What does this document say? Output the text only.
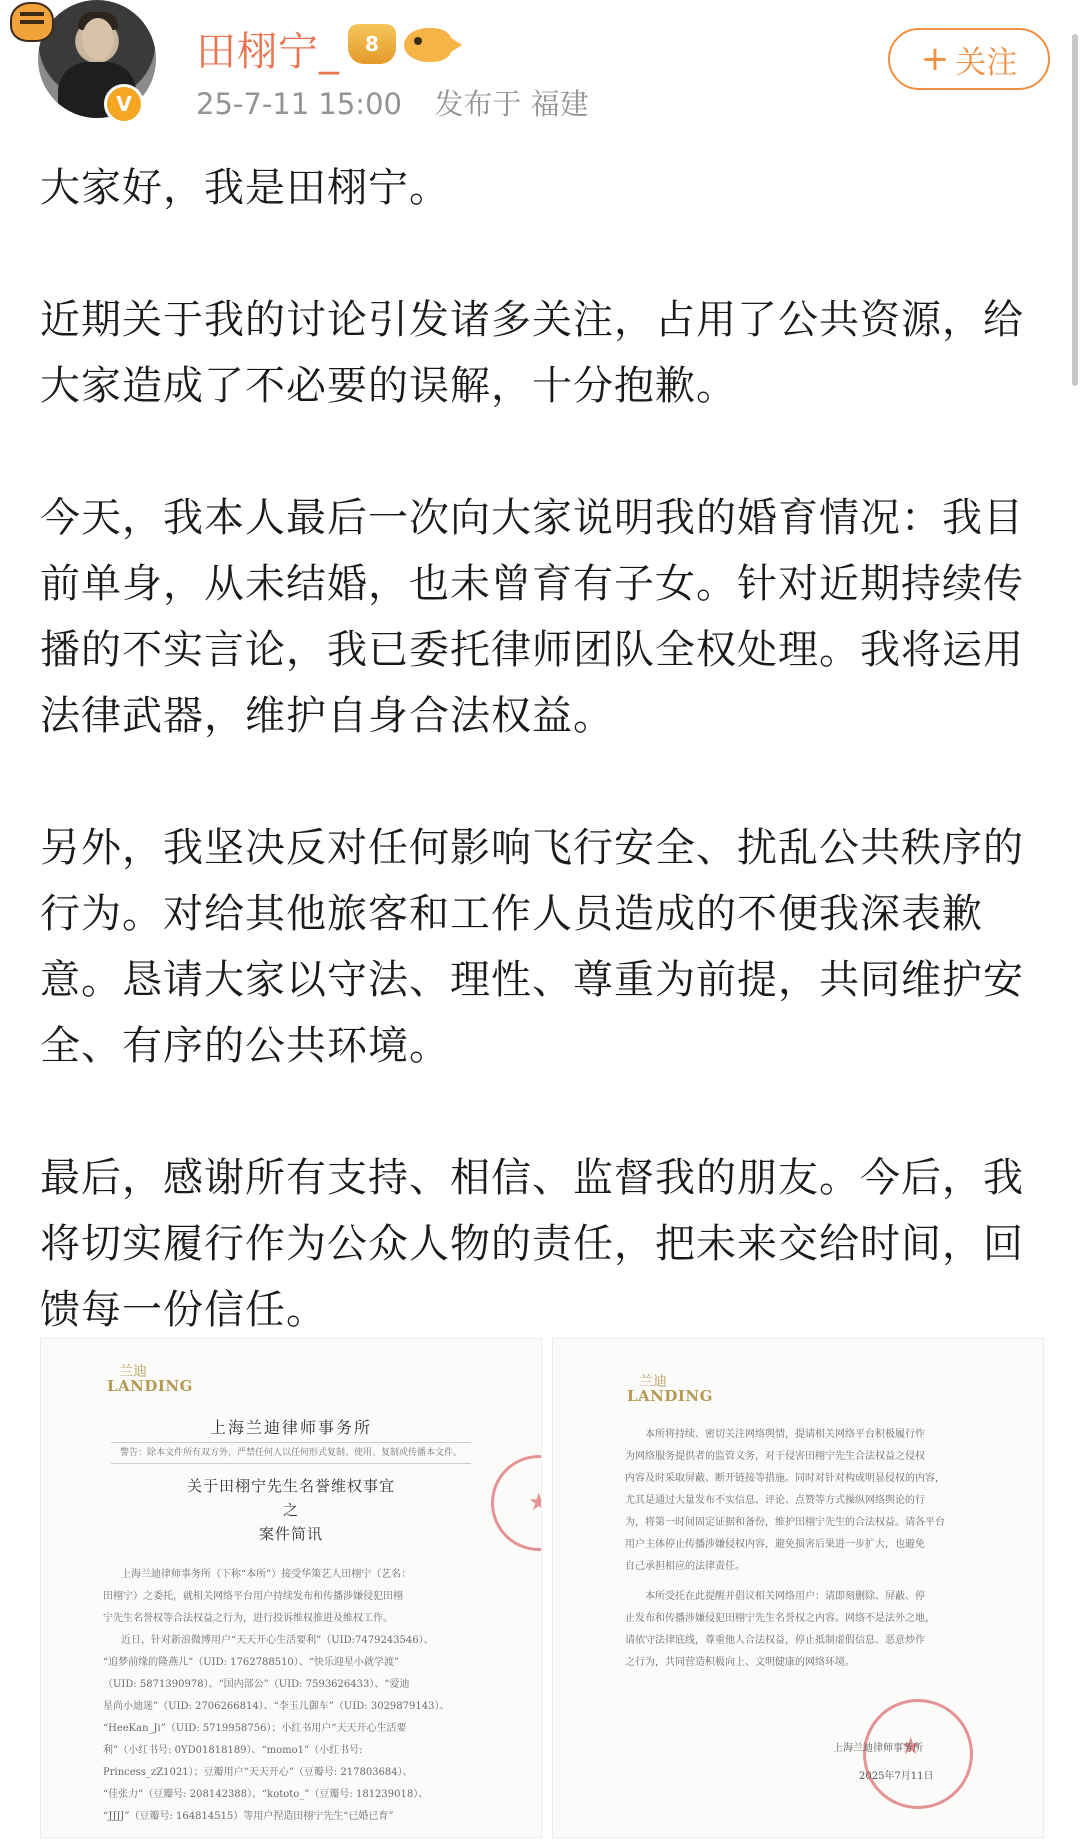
V
田栩宁_	8
25-7-11 15:00 发布于 福建
+ 关注

大家好，我是田栩宁。

近期关于我的讨论引发诸多关注，占用了公共资源，给大家造成了不必要的误解，十分抱歉。

今天，我本人最后一次向大家说明我的婚育情况：我目前单身，从未结婚，也未曾育有子女。针对近期持续传播的不实言论，我已委托律师团队全权处理。我将运用法律武器，维护自身合法权益。

另外，我坚决反对任何影响飞行安全、扰乱公共秩序的行为。对给其他旅客和工作人员造成的不便我深表歉意。恳请大家以守法、理性、尊重为前提，共同维护安全、有序的公共环境。

最后，感谢所有支持、相信、监督我的朋友。今后，我将切实履行作为公众人物的责任，把未来交给时间，回馈每一份信任。

兰迪
LANDING
上海兰迪律师事务所
警告：除本文件所有双方外，严禁任何人以任何形式复制、使用、复制或传播本文件。
关于田栩宁先生名誉维权事宜
之
案件简讯
上海兰迪律师事务所（下称“本所”）接受华策艺人田栩宁（艺名：
田栩宁）之委托，就相关网络平台用户持续发布和传播涉嫌侵犯田栩
宁先生名誉权等合法权益之行为，进行投诉维权推进及维权工作。
近日，针对新浪微博用户“天天开心生活要利”（UID:7479243546）、
“追梦前缘的隆燕儿”（UID: 1762788510）、“快乐迎星小就学渡”
（UID: 5871390978）、“国内部公”（UID: 7593626433）、“爱迪
星尚小迪迷”（UID: 2706266814）、“李玉儿御车”（UID: 3029879143）、
“HeeKan_Ji”（UID: 5719958756）；小红书用户“天天开心生活要
利”（小红书号: 0YD01818189）、“momo1”（小红书号:
Princess_zZ1021）；豆瓣用户“天天开心”（豆瓣号: 217803684）、
“佳张力”（豆瓣号: 208142388）、“kototo_”（豆瓣号: 181239018）、
“JJJJ”（豆瓣号: 164814515）等用户捏造田栩宁先生“已婚已育”
★
兰迪
LANDING
本所将持续、密切关注网络舆情，提请相关网络平台积极履行作
为网络服务提供者的监管义务，对于侵害田栩宁先生合法权益之侵权
内容及时采取屏蔽、断开链接等措施。同时对针对构成明显侵权的内容，
尤其是通过大量发布不实信息、评论、点赞等方式操纵网络舆论的行
为，将第一时间固定证据和备份，维护田栩宁先生的合法权益。请各平台
用户主体停止传播涉嫌侵权内容，避免损害后果进一步扩大，也避免
自己承担相应的法律责任。
本所受托在此提醒并倡议相关网络用户：请即刻删除、屏蔽、停
止发布和传播涉嫌侵犯田栩宁先生名誉权之内容。网络不是法外之地，
请依守法律底线，尊重他人合法权益，停止抵制虚假信息、恶意炒作
之行为，共同营造积极向上、文明健康的网络环境。
★
上海兰迪律师事务所
2025年7月11日
